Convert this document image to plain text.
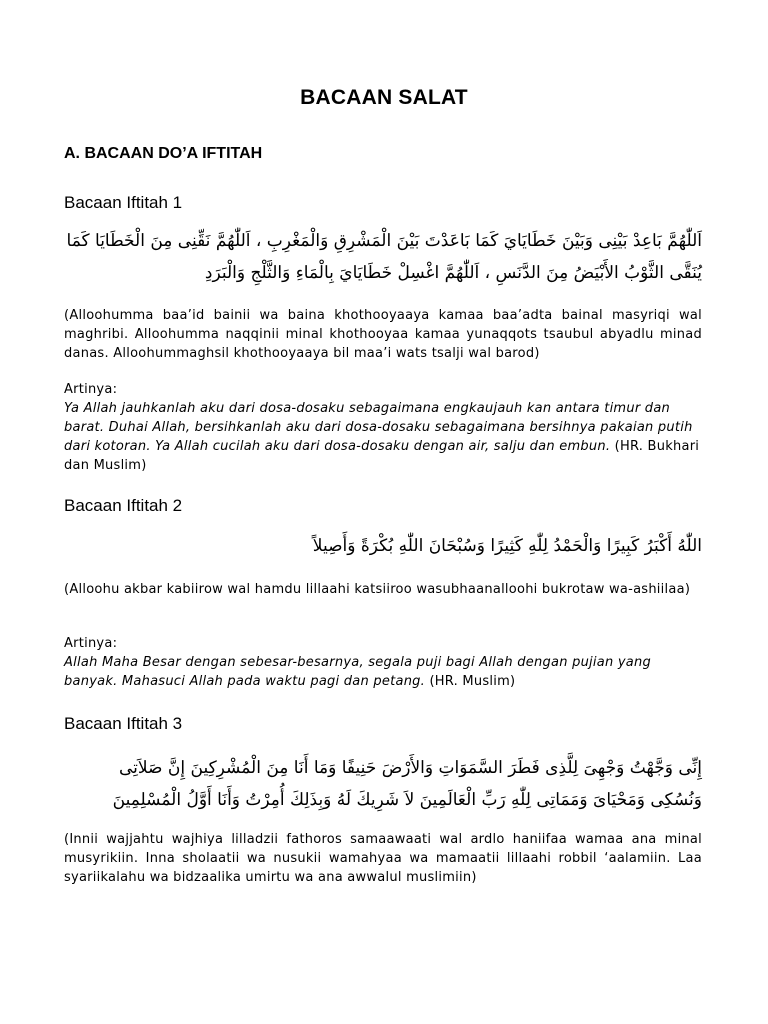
BACAAN SALAT
A. BACAAN DO’A IFTITAH
Bacaan Iftitah 1
اَللّٰهُمَّ بَاعِدْ بَيْنِى وَبَيْنَ خَطَايَايَ كَمَا بَاعَدْتَ بَيْنَ الْمَشْرِقِ وَالْمَغْرِبِ ، اَللّٰهُمَّ نَقِّنِى مِنَ الْخَطَايَا كَمَا
يُنَقَّى الثَّوْبُ الأَبْيَضُ مِنَ الدَّنَسِ ، اَللّٰهُمَّ اغْسِلْ خَطَايَايَ بِالْمَاءِ وَالثَّلْجِ وَالْبَرَدِ
(Alloohumma baa’id bainii wa baina khothooyaaya kamaa baa’adta bainal masyriqi wal maghribi. Alloohumma naqqinii minal khothooyaa kamaa yunaqqots tsaubul abyadlu minad danas. Alloohummaghsil khothooyaaya bil maa’i wats tsalji wal barod)
Artinya:
Ya Allah jauhkanlah aku dari dosa-dosaku sebagaimana engkaujauh kan antara timur dan barat. Duhai Allah, bersihkanlah aku dari dosa-dosaku sebagaimana bersihnya pakaian putih dari kotoran. Ya Allah cucilah aku dari dosa-dosaku dengan air, salju dan embun. (HR. Bukhari dan Muslim)
Bacaan Iftitah 2
اللّٰهُ أَكْبَرُ كَبِيرًا وَالْحَمْدُ لِلّٰهِ كَثِيرًا وَسُبْحَانَ اللّٰهِ بُكْرَةً وَأَصِيلاً
(Alloohu akbar kabiirow wal hamdu lillaahi katsiiroo wasubhaanalloohi bukrotaw wa-ashiilaa)
Artinya:
Allah Maha Besar dengan sebesar-besarnya, segala puji bagi Allah dengan pujian yang banyak. Mahasuci Allah pada waktu pagi dan petang. (HR. Muslim)
Bacaan Iftitah 3
إِنِّى وَجَّهْتُ وَجْهِىَ لِلَّذِى فَطَرَ السَّمَوَاتِ وَالأَرْضَ حَنِيفًا وَمَا أَنَا مِنَ الْمُشْرِكِينَ إِنَّ صَلاَتِى
وَنُسُكِى وَمَحْيَاىَ وَمَمَاتِى لِلّٰهِ رَبِّ الْعَالَمِينَ لاَ شَرِيكَ لَهُ وَبِذَلِكَ أُمِرْتُ وَأَنَا أَوَّلُ الْمُسْلِمِينَ
(Innii wajjahtu wajhiya lilladzii fathoros samaawaati wal ardlo haniifaa wamaa ana minal musyrikiin. Inna sholaatii wa nusukii wamahyaa wa mamaatii lillaahi robbil ‘aalamiin. Laa syariikalahu wa bidzaalika umirtu wa ana awwalul muslimiin)
